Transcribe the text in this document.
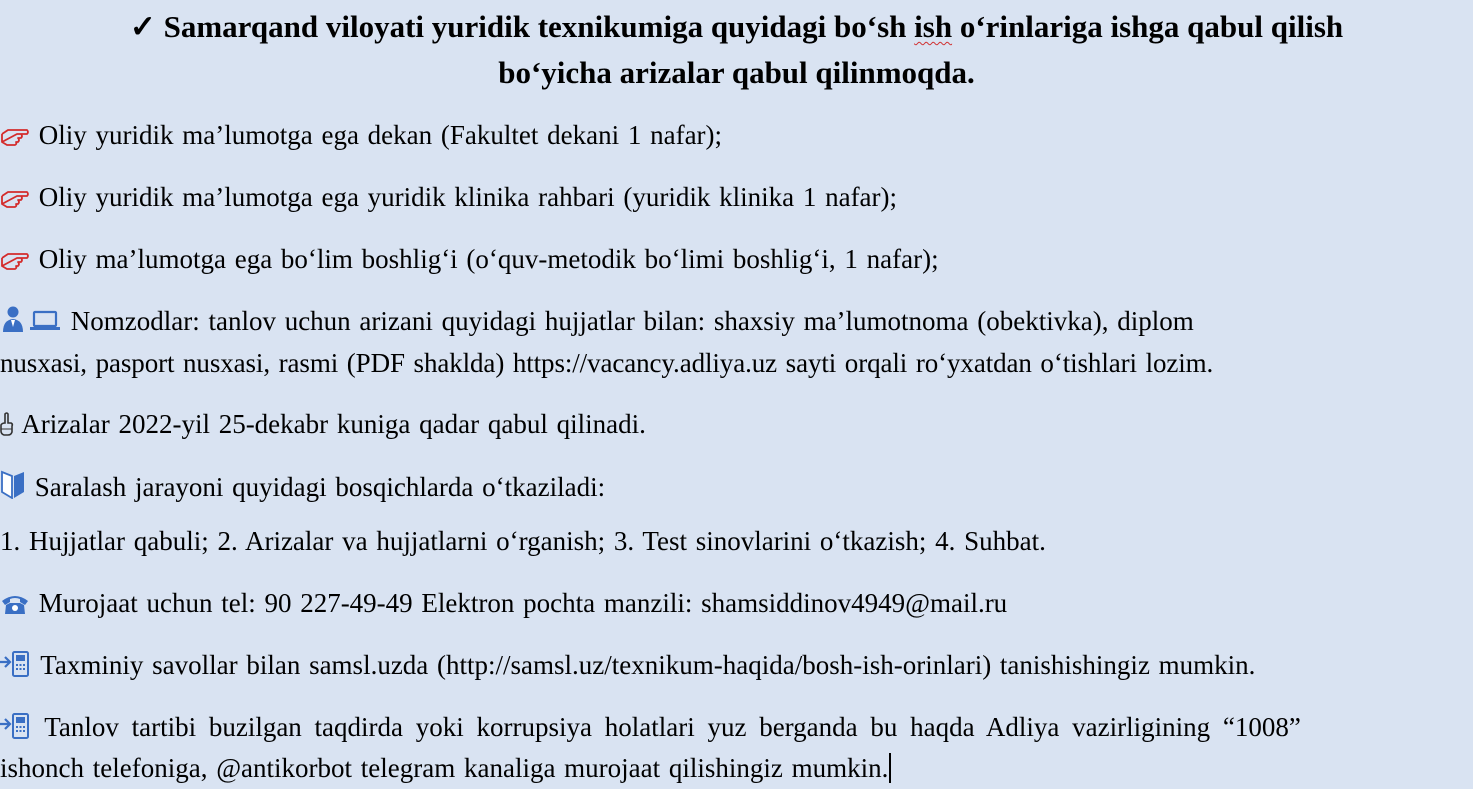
✓ Samarqand viloyati yuridik texnikumiga quyidagi bo‘sh ish o‘rinlariga ishga qabul qilish
bo‘yicha arizalar qabul qilinmoqda.
Oliy yuridik ma’lumotga ega dekan (Fakultet dekani 1 nafar);
Oliy yuridik ma’lumotga ega yuridik klinika rahbari (yuridik klinika 1 nafar);
Oliy ma’lumotga ega bo‘lim boshlig‘i (o‘quv-metodik bo‘limi boshlig‘i, 1 nafar);
Nomzodlar: tanlov uchun arizani quyidagi hujjatlar bilan: shaxsiy ma’lumotnoma (obektivka), diplom
nusxasi, pasport nusxasi, rasmi (PDF shaklda) https://vacancy.adliya.uz sayti orqali ro‘yxatdan o‘tishlari lozim.
Arizalar 2022-yil 25-dekabr kuniga qadar qabul qilinadi.
Saralash jarayoni quyidagi bosqichlarda o‘tkaziladi:
1. Hujjatlar qabuli; 2. Arizalar va hujjatlarni o‘rganish; 3. Test sinovlarini o‘tkazish; 4. Suhbat.
Murojaat uchun tel: 90 227-49-49 Elektron pochta manzili: shamsiddinov4949@mail.ru
Taxminiy savollar bilan samsl.uzda (http://samsl.uz/texnikum-haqida/bosh-ish-orinlari) tanishishingiz mumkin.
Tanlov tartibi buzilgan taqdirda yoki korrupsiya holatlari yuz berganda bu haqda Adliya vazirligining “1008”
ishonch telefoniga, @antikorbot telegram kanaliga murojaat qilishingiz mumkin.
